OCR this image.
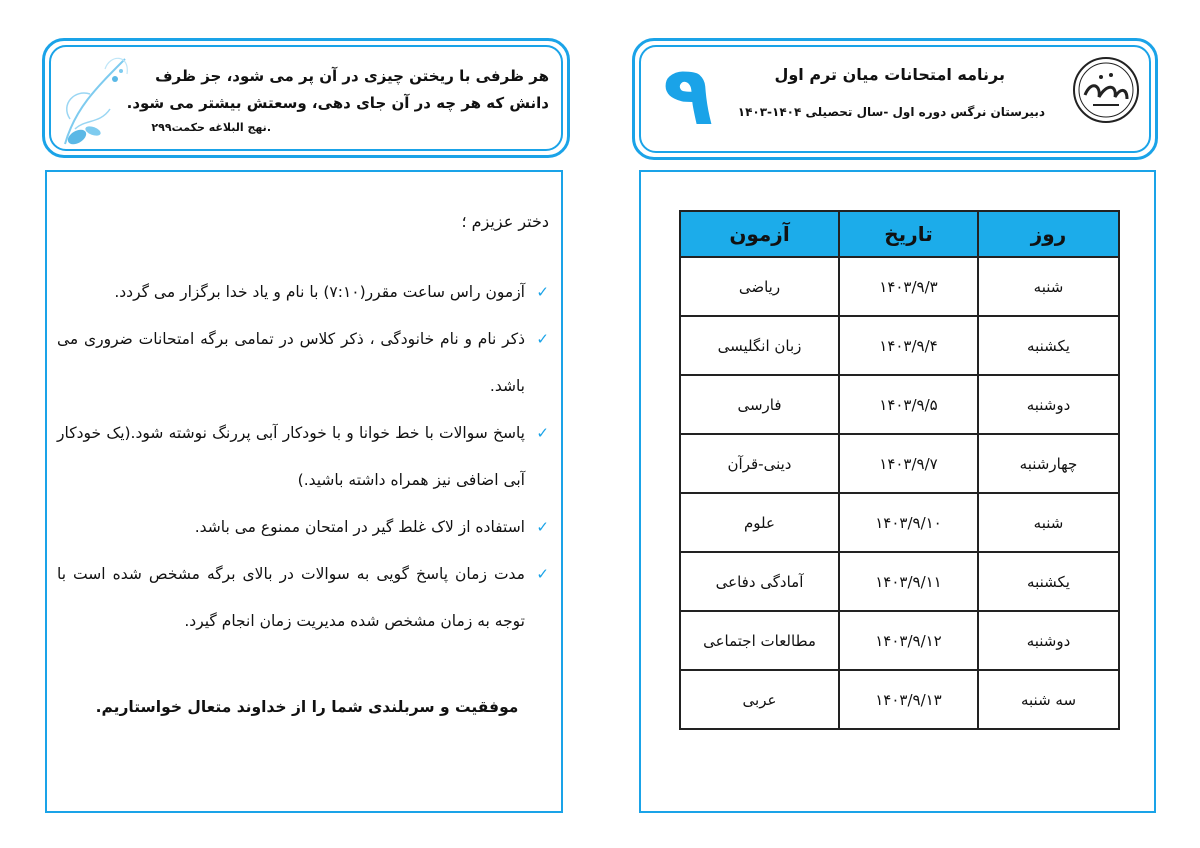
هر ظرفی با ریختن چیزی در آن پر می شود، جز ظرف دانش که هر چه در آن جای دهی، وسعتش بیشتر می شود.
.نهج البلاغه حکمت۲۹۹	۹	برنامه امتحانات میان ترم اول
دبیرستان نرگس دوره اول -سال تحصیلی ۱۴۰۴-۱۴۰۳
دختر عزیزم ؛
✓
آزمون راس ساعت مقرر(۷:۱۰) با نام و یاد خدا برگزار می گردد.
✓
ذکر نام و نام خانودگی ، ذکر کلاس در تمامی برگه امتحانات ضروری می باشد.
✓
پاسخ سوالات با خط خوانا و با خودکار آبی پررنگ نوشته شود.(یک خودکار آبی اضافی نیز همراه داشته باشید.)
✓
استفاده از لاک غلط گیر در امتحان ممنوع می باشد.
✓
مدت زمان پاسخ گویی به سوالات در بالای برگه مشخص شده است با توجه به زمان مشخص شده مدیریت زمان انجام گیرد.
موفقیت و سربلندی شما را از خداوند متعال خواستاریم.
روز	تاریخ	آزمون
شنبه	۱۴۰۳/۹/۳	ریاضی
یکشنبه	۱۴۰۳/۹/۴	زبان انگلیسی
دوشنبه	۱۴۰۳/۹/۵	فارسی
چهارشنبه	۱۴۰۳/۹/۷	دینی-قرآن
شنبه	۱۴۰۳/۹/۱۰	علوم
یکشنبه	۱۴۰۳/۹/۱۱	آمادگی دفاعی
دوشنبه	۱۴۰۳/۹/۱۲	مطالعات اجتماعی
سه شنبه	۱۴۰۳/۹/۱۳	عربی
